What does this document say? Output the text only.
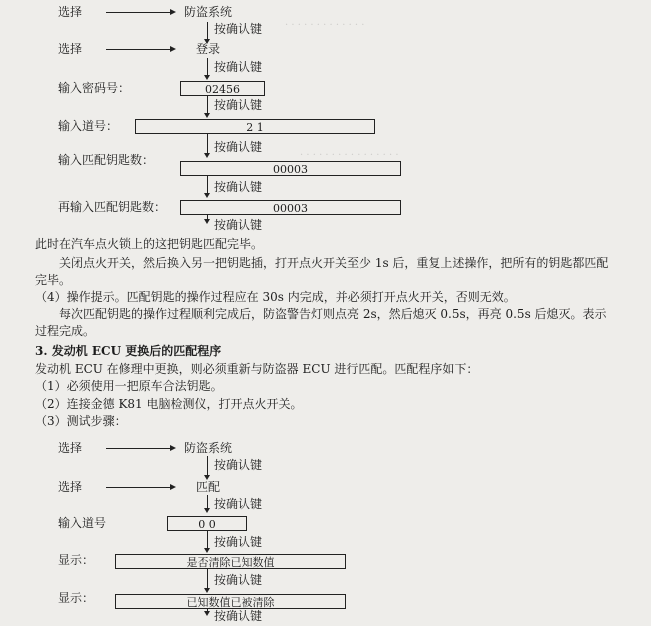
· · · · · · · · · · · · ·
· · · · · · · · · · · · · · · ·
选择	防盗系统
按确认键
选择	登录
按确认键
输入密码号：	02456
按确认键
输入道号：	2 1
按确认键
输入匹配钥匙数：
00003
按确认键
再输入匹配钥匙数：	00003
按确认键
此时在汽车点火锁上的这把钥匙匹配完毕。
关闭点火开关，然后换入另一把钥匙插，打开点火开关至少 1s 后，重复上述操作，把所有的钥匙都匹配完毕。
（4）操作提示。匹配钥匙的操作过程应在 30s 内完成，并必须打开点火开关，否则无效。
每次匹配钥匙的操作过程顺利完成后，防盗警告灯则点亮 2s，然后熄灭 0.5s，再亮 0.5s 后熄灭。表示过程完成。
3. 发动机 ECU 更换后的匹配程序
发动机 ECU 在修理中更换，则必须重新与防盗器 ECU 进行匹配。匹配程序如下：
（1）必须使用一把原车合法钥匙。
（2）连接金德 K81 电脑检测仪，打开点火开关。
（3）测试步骤：
选择	防盗系统
按确认键
选择	匹配
按确认键
输入道号	0 0
按确认键
显示：	是否清除已知数值
按确认键
显示：	已知数值已被清除
按确认键
